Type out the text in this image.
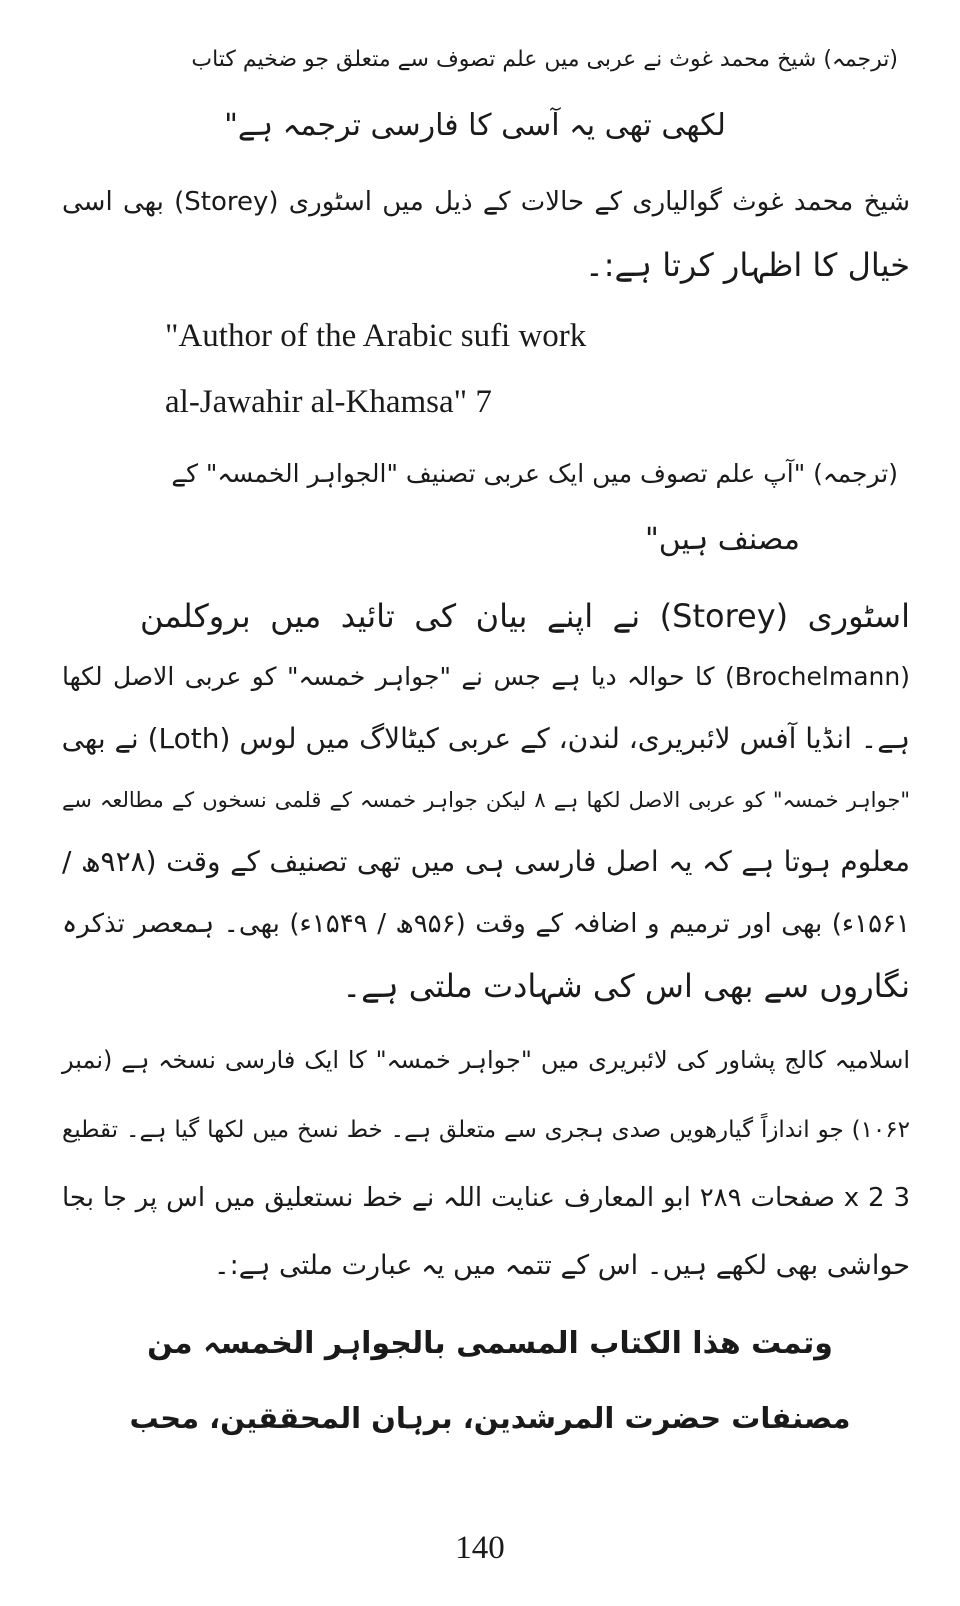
(ترجمہ) شیخ محمد غوث نے عربی میں علم تصوف سے متعلق جو ضخیم کتاب
لکھی تھی یہ آسی کا فارسی ترجمہ ہے"
شیخ محمد غوث گوالیاری کے حالات کے ذیل میں اسٹوری (Storey) بھی اسی
خیال کا اظہار کرتا ہے:۔
"Author of the Arabic sufi work
al-Jawahir al-Khamsa" 7
(ترجمہ) "آپ علم تصوف میں ایک عربی تصنیف "الجواہر الخمسہ" کے
مصنف ہیں"
اسٹوری (Storey) نے اپنے بیان کی تائید میں بروکلمن
(Brochelmann) کا حوالہ دیا ہے جس نے "جواہر خمسہ" کو عربی الاصل لکھا
ہے۔ انڈیا آفس لائبریری، لندن، کے عربی کیٹالاگ میں لوس (Loth) نے بھی
"جواہر خمسہ" کو عربی الاصل لکھا ہے ۸ لیکن جواہر خمسہ کے قلمی نسخوں کے مطالعہ سے
معلوم ہوتا ہے کہ یہ اصل فارسی ہی میں تھی تصنیف کے وقت (۹۲۸ھ /
۱۵۶۱ء) بھی اور ترمیم و اضافہ کے وقت (۹۵۶ھ / ۱۵۴۹ء) بھی۔ ہمعصر تذکرہ
نگاروں سے بھی اس کی شہادت ملتی ہے۔
اسلامیہ کالج پشاور کی لائبریری میں "جواہر خمسہ" کا ایک فارسی نسخہ ہے (نمبر
۱۰۶۲) جو اندازاً گیارھویں صدی ہجری سے متعلق ہے۔ خط نسخ میں لکھا گیا ہے۔ تقطیع
3 x 2 صفحات ۲۸۹ ابو المعارف عنایت اللہ نے خط نستعلیق میں اس پر جا بجا
حواشی بھی لکھے ہیں۔ اس کے تتمہ میں یہ عبارت ملتی ہے:۔
وتمت ھذا الکتاب المسمی بالجواہر الخمسہ من
مصنفات حضرت المرشدین، برہان المحققین، محب
140
